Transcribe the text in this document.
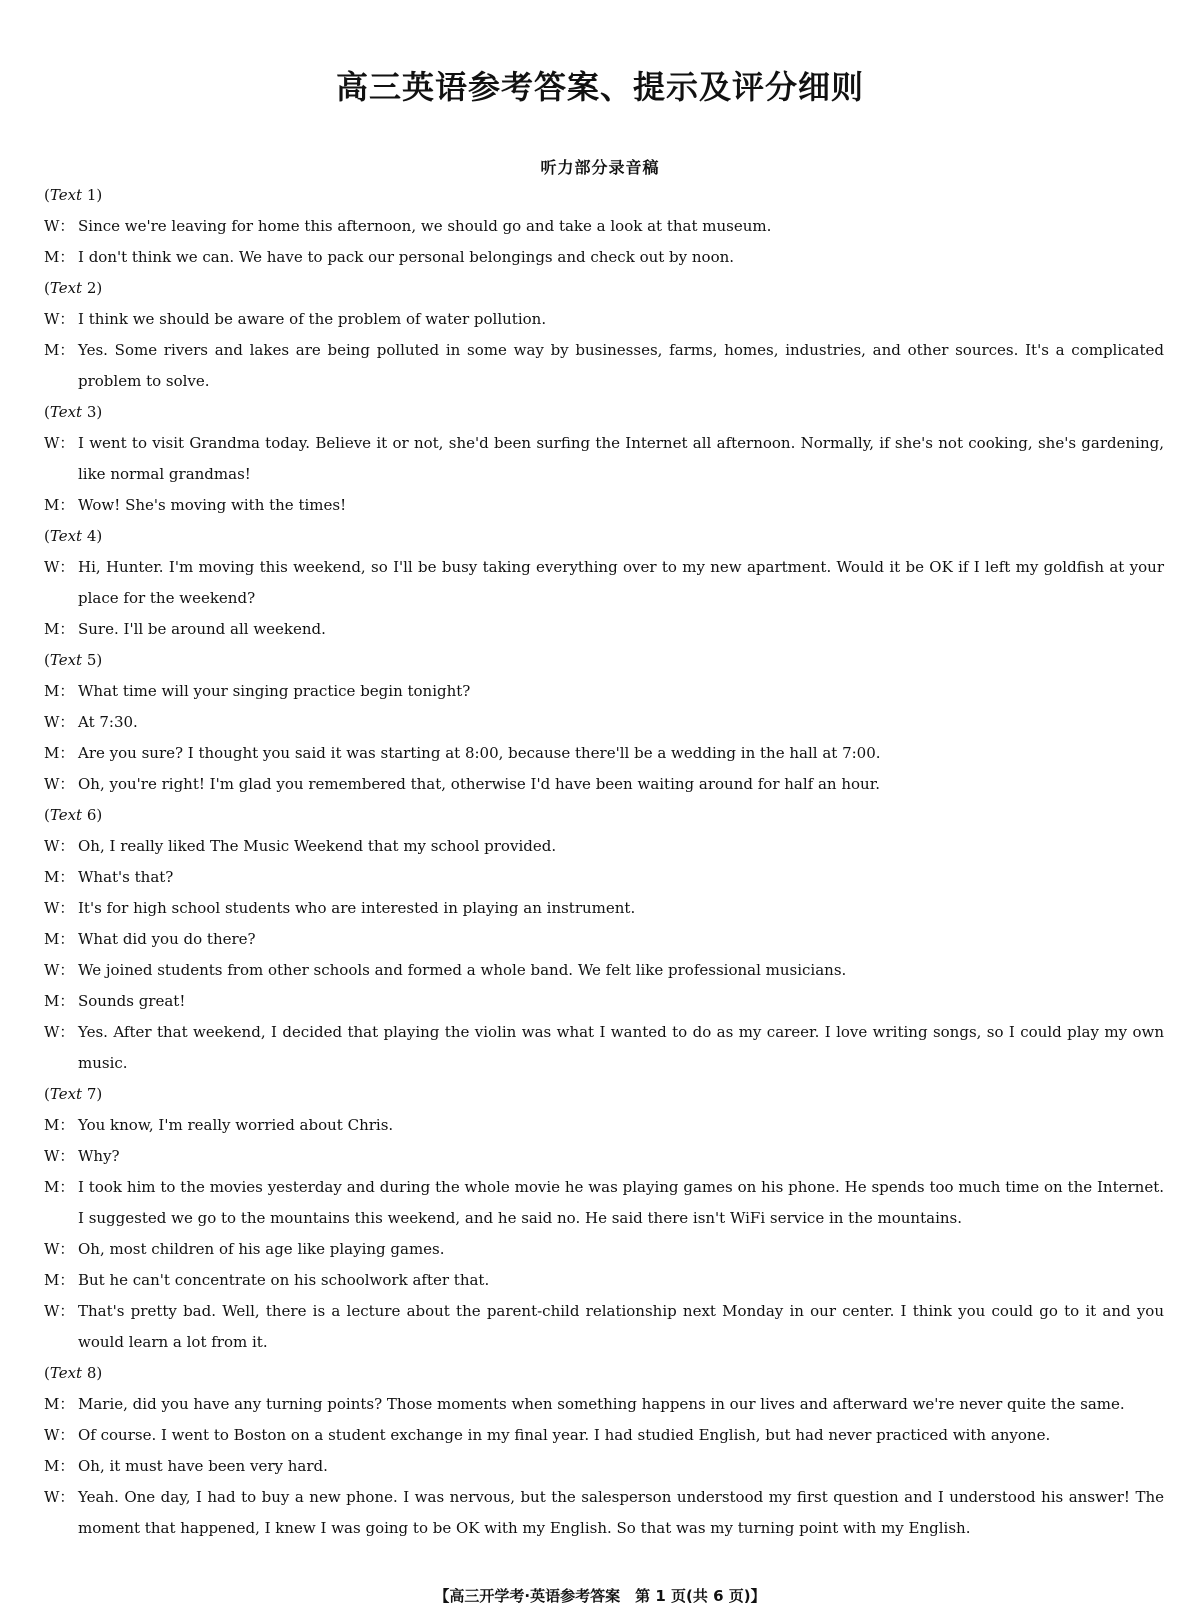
高三英语参考答案、提示及评分细则
听力部分录音稿
(Text 1)
W： Since we're leaving for home this afternoon, we should go and take a look at that museum.
M： I don't think we can. We have to pack our personal belongings and check out by noon.
(Text 2)
W： I think we should be aware of the problem of water pollution.
M： Yes. Some rivers and lakes are being polluted in some way by businesses, farms, homes, industries, and other sources. It's a complicated problem to solve.
(Text 3)
W： I went to visit Grandma today. Believe it or not, she'd been surfing the Internet all afternoon. Normally, if she's not cooking, she's gardening, like normal grandmas!
M： Wow! She's moving with the times!
(Text 4)
W： Hi, Hunter. I'm moving this weekend, so I'll be busy taking everything over to my new apartment. Would it be OK if I left my goldfish at your place for the weekend?
M： Sure. I'll be around all weekend.
(Text 5)
M： What time will your singing practice begin tonight?
W： At 7:30.
M： Are you sure? I thought you said it was starting at 8:00, because there'll be a wedding in the hall at 7:00.
W： Oh, you're right! I'm glad you remembered that, otherwise I'd have been waiting around for half an hour.
(Text 6)
W： Oh, I really liked The Music Weekend that my school provided.
M： What's that?
W： It's for high school students who are interested in playing an instrument.
M： What did you do there?
W： We joined students from other schools and formed a whole band. We felt like professional musicians.
M： Sounds great!
W： Yes. After that weekend, I decided that playing the violin was what I wanted to do as my career. I love writing songs, so I could play my own music.
(Text 7)
M： You know, I'm really worried about Chris.
W： Why?
M： I took him to the movies yesterday and during the whole movie he was playing games on his phone. He spends too much time on the Internet. I suggested we go to the mountains this weekend, and he said no. He said there isn't WiFi service in the mountains.
W： Oh, most children of his age like playing games.
M： But he can't concentrate on his schoolwork after that.
W： That's pretty bad. Well, there is a lecture about the parent-child relationship next Monday in our center. I think you could go to it and you would learn a lot from it.
(Text 8)
M： Marie, did you have any turning points? Those moments when something happens in our lives and afterward we're never quite the same.
W： Of course. I went to Boston on a student exchange in my final year. I had studied English, but had never practiced with anyone.
M： Oh, it must have been very hard.
W： Yeah. One day, I had to buy a new phone. I was nervous, but the salesperson understood my first question and I understood his answer! The moment that happened, I knew I was going to be OK with my English. So that was my turning point with my English.
【高三开学考·英语参考答案　第 1 页(共 6 页)】
